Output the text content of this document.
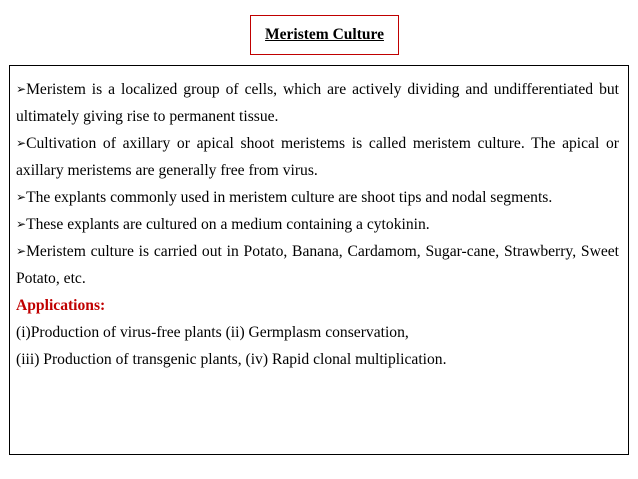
Meristem Culture

➢Meristem is a localized group of cells, which are actively dividing and undifferentiated but ultimately giving rise to permanent tissue.

➢Cultivation of axillary or apical shoot meristems is called meristem culture. The apical or axillary meristems are generally free from virus.

➢The explants commonly used in meristem culture are shoot tips and nodal segments.

➢These explants are cultured on a medium containing a cytokinin.

➢Meristem culture is carried out in Potato, Banana, Cardamom, Sugar-cane, Strawberry, Sweet Potato, etc.

Applications:

(i)Production of virus-free plants (ii) Germplasm conservation,

(iii) Production of transgenic plants, (iv) Rapid clonal multiplication.
